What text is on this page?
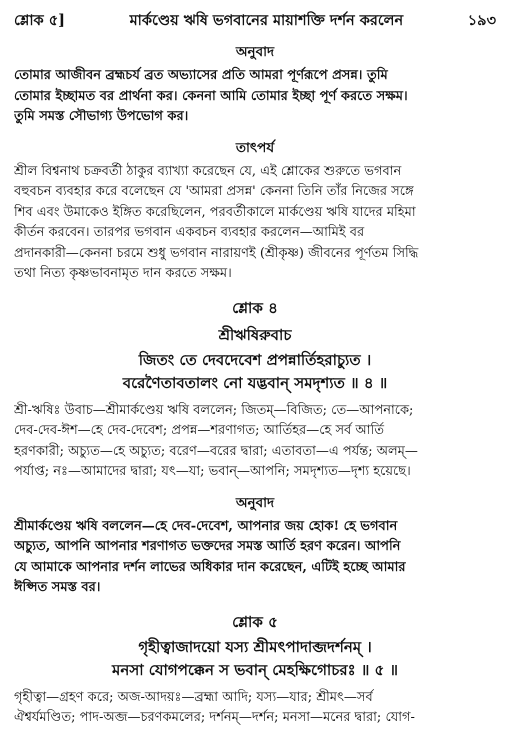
শ্লোক ৫]	মার্কণ্ডেয় ঋষি ভগবানের মায়াশক্তি দর্শন করলেন	১৯৩
অনুবাদ
তোমার আজীবন ব্রহ্মচর্য ব্রত অভ্যাসের প্রতি আমরা পূর্ণরূপে প্রসন্ন। তুমি
তোমার ইচ্ছামত বর প্রার্থনা কর। কেননা আমি তোমার ইচ্ছা পূর্ণ করতে সক্ষম।
তুমি সমস্ত সৌভাগ্য উপভোগ কর।
তাৎপর্য
শ্রীল বিশ্বনাথ চক্রবর্তী ঠাকুর ব্যাখ্যা করেছেন যে, এই শ্লোকের শুরুতে ভগবান
বহুবচন ব্যবহার করে বলেছেন যে 'আমরা প্রসন্ন' কেননা তিনি তাঁর নিজের সঙ্গে
শিব এবং উমাকেও ইঙ্গিত করেছিলেন, পরবর্তীকালে মার্কণ্ডেয় ঋষি যাদের মহিমা
কীর্তন করবেন। তারপর ভগবান একবচন ব্যবহার করলেন—আমিই বর
প্রদানকারী—কেননা চরমে শুধু ভগবান নারায়ণই (শ্রীকৃষ্ণ) জীবনের পূর্ণতম সিদ্ধি
তথা নিত্য কৃষ্ণভাবনামৃত দান করতে সক্ষম।
শ্লোক ৪
শ্রীঋষিরুবাচ
জিতং তে দেবদেবেশ প্রপন্নার্তিহরাচ্যুত ।
বরেণৈতাবতালং নো যদ্ভবান্ সমদৃশ্যত ॥ ৪ ॥
শ্রী-ঋষিঃ উবাচ—শ্রীমার্কণ্ডেয় ঋষি বললেন; জিতম্—বিজিত; তে—আপনাকে;
দেব-দেব-ঈশ—হে দেব-দেবেশ; প্রপন্ন—শরণাগত; আর্তিহর—হে সর্ব আর্তি
হরণকারী; অচ্যুত—হে অচ্যুত; বরেণ—বরের দ্বারা; এতাবতা—এ পর্যন্ত; অলম্—
পর্যাপ্ত; নঃ—আমাদের দ্বারা; যৎ—যা; ভবান্—আপনি; সমদৃশ্যত—দৃশ্য হয়েছে।
অনুবাদ
শ্রীমার্কণ্ডেয় ঋষি বললেন—হে দেব-দেবেশ, আপনার জয় হোক! হে ভগবান
অচ্যুত, আপনি আপনার শরণাগত ভক্তদের সমস্ত আর্তি হরণ করেন। আপনি
যে আমাকে আপনার দর্শন লাভের অধিকার দান করেছেন, এটিই হচ্ছে আমার
ঈপ্সিত সমস্ত বর।
শ্লোক ৫
গৃহীত্বাজাদয়ো যস্য শ্রীমৎপাদাব্জদর্শনম্ ।
মনসা যোগপক্কেন স ভবান্ মেহক্ষিগোচরঃ ॥ ৫ ॥
গৃহীত্বা—গ্রহণ করে; অজ-আদয়ঃ—ব্রহ্মা আদি; যস্য—যার; শ্রীমৎ—সর্ব
ঐশ্বর্যমণ্ডিত; পাদ-অব্জ—চরণকমলের; দর্শনম্—দর্শন; মনসা—মনের দ্বারা; যোগ-
